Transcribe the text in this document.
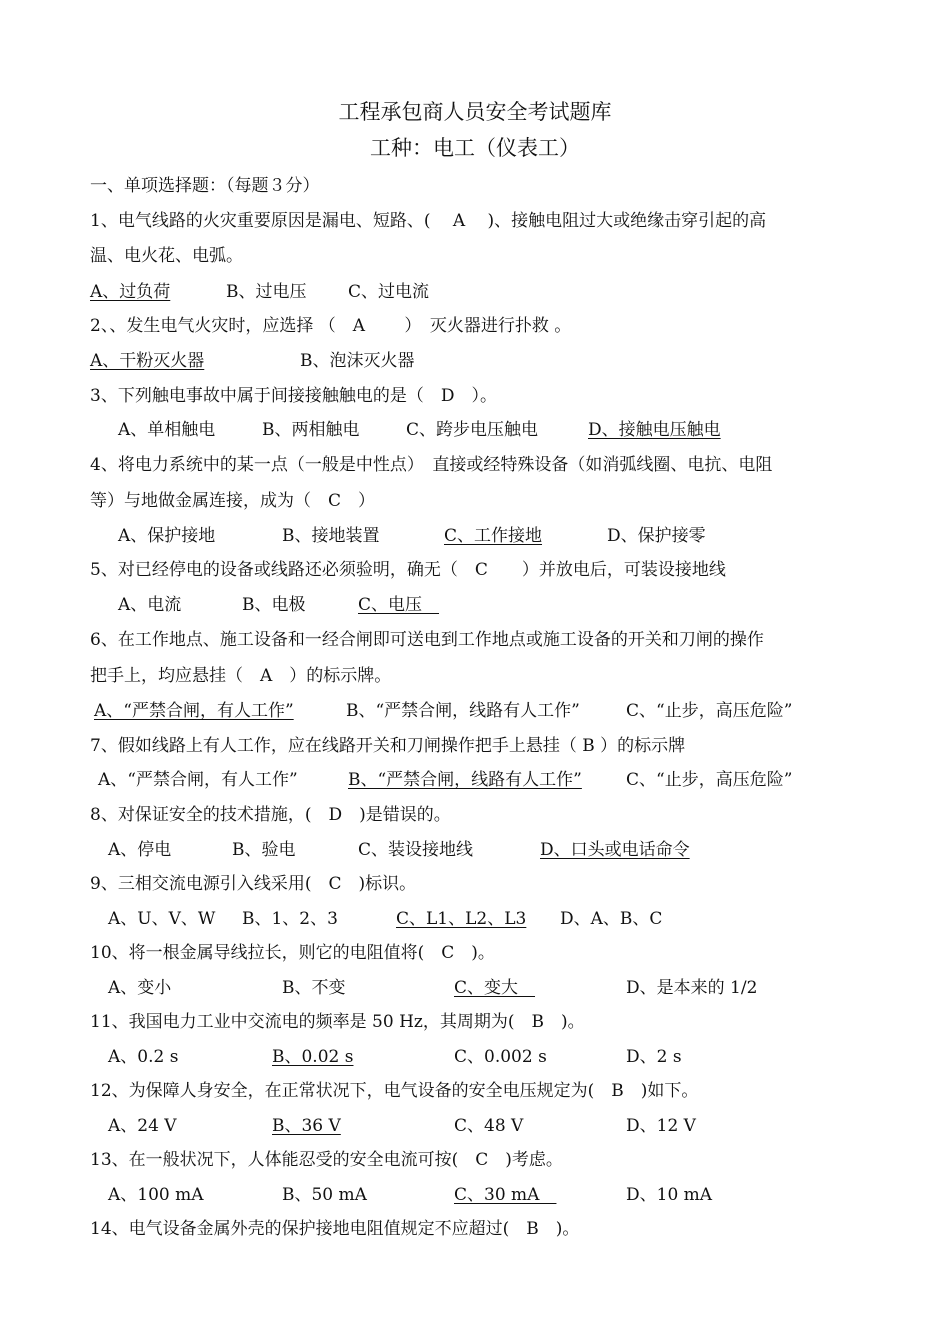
工程承包商人员安全考试题库
工种：电工（仪表工）
一、单项选择题：（每题３分）
1、电气线路的火灾重要原因是漏电、短路、(　 A　 )、接触电阻过大或绝缘击穿引起的高
温、电火花、电弧。
A、过负荷	B、过电压 C、过电流
2、、发生电气火灾时，应选择 （　A　　 ）　灭火器进行扑救 。
A、干粉灭火器	B、泡沫灭火器
3、下列触电事故中属于间接接触触电的是（　D　）。
A、单相触电	B、两相触电	C、跨步电压触电	D、接触电压触电
4、将电力系统中的某一点（一般是中性点）　直接或经特殊设备（如消弧线圈、电抗、电阻
等）与地做金属连接，成为（　C　）
A、保护接地	B、接地装置	C、工作接地	D、保护接零
5、对已经停电的设备或线路还必须验明，确无（　C　　）并放电后，可装设接地线
A、电流	B、电极	C、电压　
6、在工作地点、施工设备和一经合闸即可送电到工作地点或施工设备的开关和刀闸的操作
把手上，均应悬挂（　A　）的标示牌。
A、“严禁合闸，有人工作”	B、“严禁合闸，线路有人工作”	C、“止步，高压危险”
7、假如线路上有人工作，应在线路开关和刀闸操作把手上悬挂（ B ）的标示牌
A、“严禁合闸，有人工作”	B、“严禁合闸，线路有人工作”	C、“止步，高压危险”
8、对保证安全的技术措施，(　D　)是错误的。
A、停电	B、验电	C、装设接地线	D、口头或电话命令
9、三相交流电源引入线采用(　C　)标识。
A、U、V、W B、1、2、3	C、L1、L2、L3 D、A、B、C
10、将一根金属导线拉长，则它的电阻值将(　C　)。
A、变小	B、不变	C、变大　	D、是本来的 1/2
11、我国电力工业中交流电的频率是 50 Hz，其周期为(　B　)。
A、0.2 s	B、0.02 s	C、0.002 s	D、2 s
12、为保障人身安全，在正常状况下，电气设备的安全电压规定为(　B　)如下。
A、24 V	B、36 V	C、48 V	D、12 V
13、在一般状况下，人体能忍受的安全电流可按(　C　)考虑。
A、100 mA	B、50 mA	C、30 mA　	D、10 mA
14、电气设备金属外壳的保护接地电阻值规定不应超过(　B　)。
